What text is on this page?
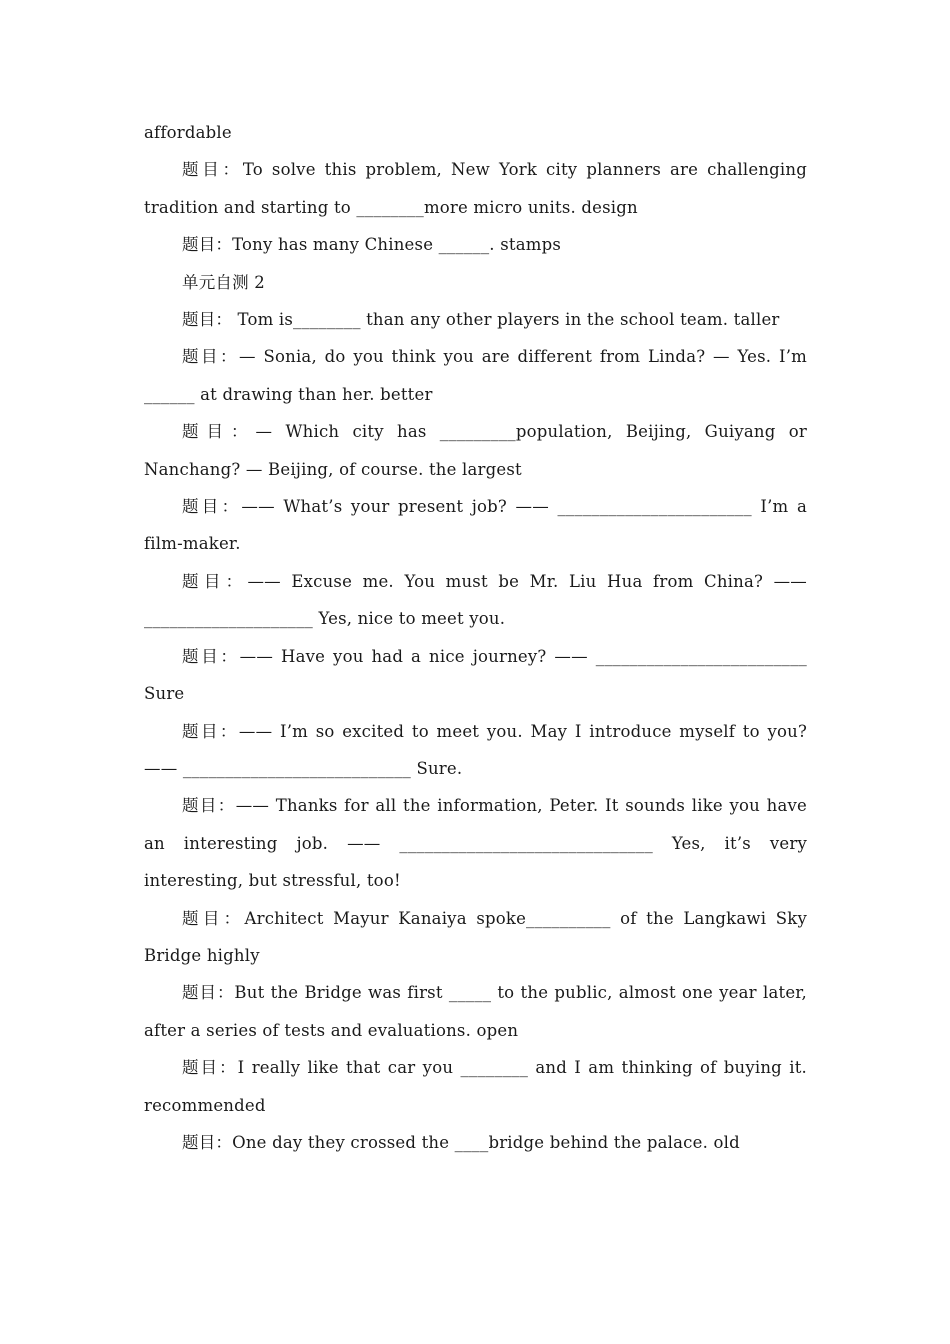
affordable

题目：To solve this problem, New York city planners are challenging tradition and starting to ________more micro units. design

题目：Tony has many Chinese ______. stamps

单元自测 2

题目： Tom is________ than any other players in the school team. taller

题目：— Sonia, do you think you are different from Linda? — Yes. I’m ______ at drawing than her. better

题目：— Which city has _________population, Beijing, Guiyang or Nanchang? — Beijing, of course. the largest

题目：—— What’s your present job? —— _______________________ I’m a film-maker.

题目：—— Excuse me. You must be Mr. Liu Hua from China? —— ____________________ Yes, nice to meet you.

题目：—— Have you had a nice journey? —— _________________________ Sure

题目：—— I’m so excited to meet you. May I introduce myself to you? —— ___________________________ Sure.

题目：—— Thanks for all the information, Peter. It sounds like you have an interesting job. —— ______________________________ Yes, it’s very interesting, but stressful, too!

题目：Architect Mayur Kanaiya spoke__________ of the Langkawi Sky Bridge highly

题目：But the Bridge was first _____ to the public, almost one year later, after a series of tests and evaluations. open

题目：I really like that car you ________ and I am thinking of buying it. recommended

题目：One day they crossed the ____bridge behind the palace. old
